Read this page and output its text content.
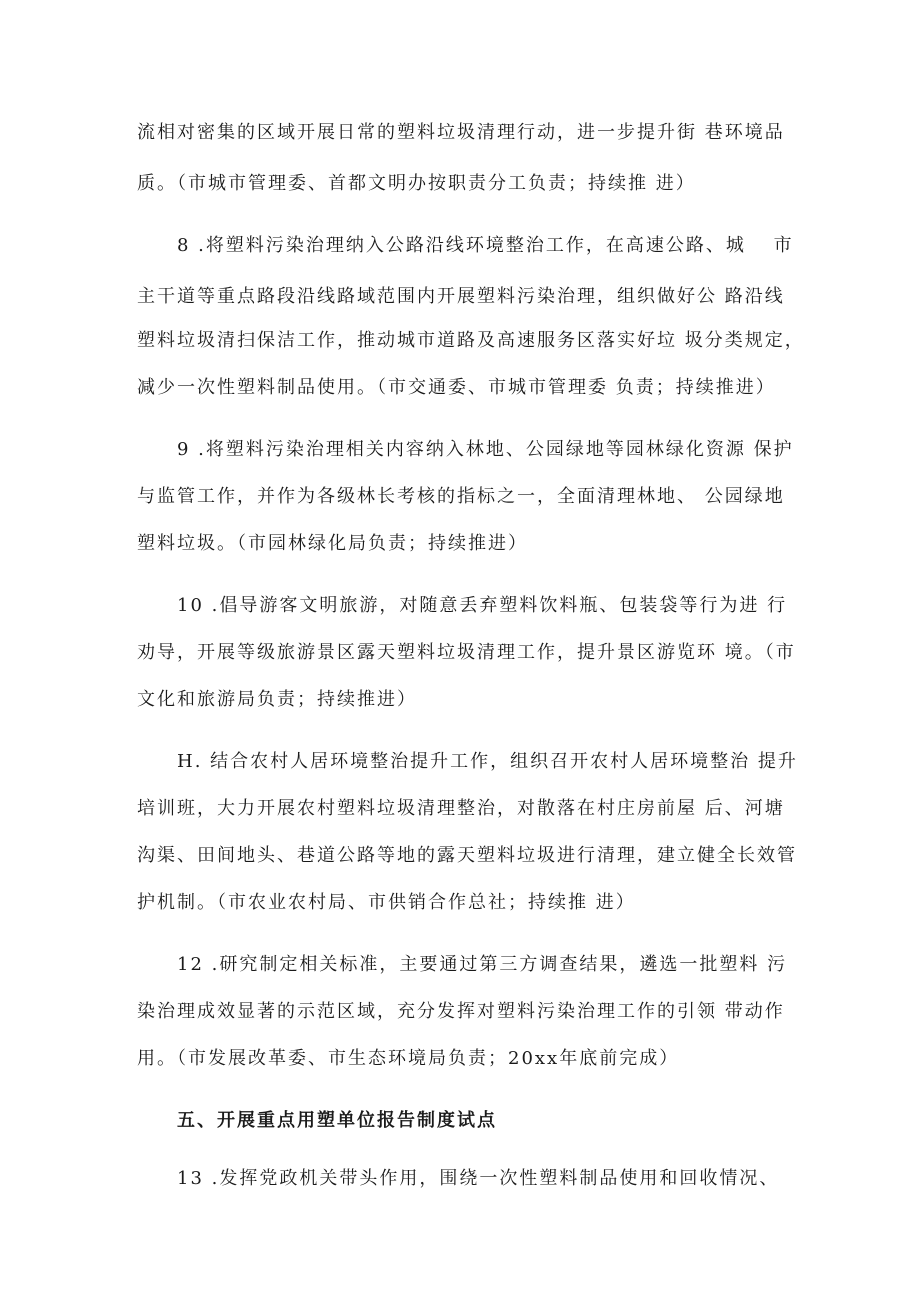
流相对密集的区域开展日常的塑料垃圾清理行动，进一步提升街 巷环境品
质。（市城市管理委、首都文明办按职责分工负责；持续推 进）
8 .将塑料污染治理纳入公路沿线环境整治工作，在高速公路、城　 市
主干道等重点路段沿线路域范围内开展塑料污染治理，组织做好公 路沿线
塑料垃圾清扫保洁工作，推动城市道路及高速服务区落实好垃 圾分类规定，
减少一次性塑料制品使用。（市交通委、市城市管理委 负责；持续推进）
9 .将塑料污染治理相关内容纳入林地、公园绿地等园林绿化资源 保护
与监管工作，并作为各级林长考核的指标之一，全面清理林地、 公园绿地
塑料垃圾。（市园林绿化局负责；持续推进）
10 .倡导游客文明旅游，对随意丢弃塑料饮料瓶、包装袋等行为进 行
劝导，开展等级旅游景区露天塑料垃圾清理工作，提升景区游览环 境。（市
文化和旅游局负责；持续推进）
H. 结合农村人居环境整治提升工作，组织召开农村人居环境整治 提升
培训班，大力开展农村塑料垃圾清理整治，对散落在村庄房前屋 后、河塘
沟渠、田间地头、巷道公路等地的露天塑料垃圾进行清理，建立健全长效管
护机制。（市农业农村局、市供销合作总社；持续推 进）
12 .研究制定相关标准，主要通过第三方调查结果，遴选一批塑料 污
染治理成效显著的示范区域，充分发挥对塑料污染治理工作的引领 带动作
用。（市发展改革委、市生态环境局负责；20xx年底前完成）
五、开展重点用塑单位报告制度试点
13 .发挥党政机关带头作用，围绕一次性塑料制品使用和回收情况、
